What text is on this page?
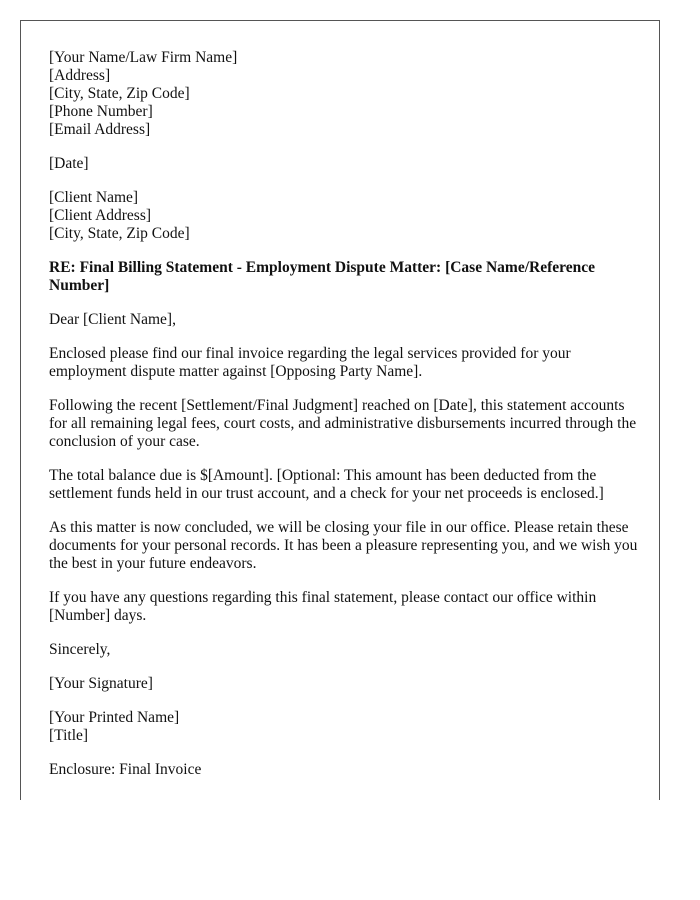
[Your Name/Law Firm Name]
[Address]
[City, State, Zip Code]
[Phone Number]
[Email Address]
[Date]
[Client Name]
[Client Address]
[City, State, Zip Code]

RE: Final Billing Statement - Employment Dispute Matter: [Case Name/Reference Number]

Dear [Client Name],

Enclosed please find our final invoice regarding the legal services provided for your employment dispute matter against [Opposing Party Name].

Following the recent [Settlement/Final Judgment] reached on [Date], this statement accounts for all remaining legal fees, court costs, and administrative disbursements incurred through the conclusion of your case.

The total balance due is $[Amount]. [Optional: This amount has been deducted from the settlement funds held in our trust account, and a check for your net proceeds is enclosed.]

As this matter is now concluded, we will be closing your file in our office. Please retain these documents for your personal records. It has been a pleasure representing you, and we wish you the best in your future endeavors.

If you have any questions regarding this final statement, please contact our office within [Number] days.

Sincerely,

[Your Signature]

[Your Printed Name]
[Title]

Enclosure: Final Invoice
